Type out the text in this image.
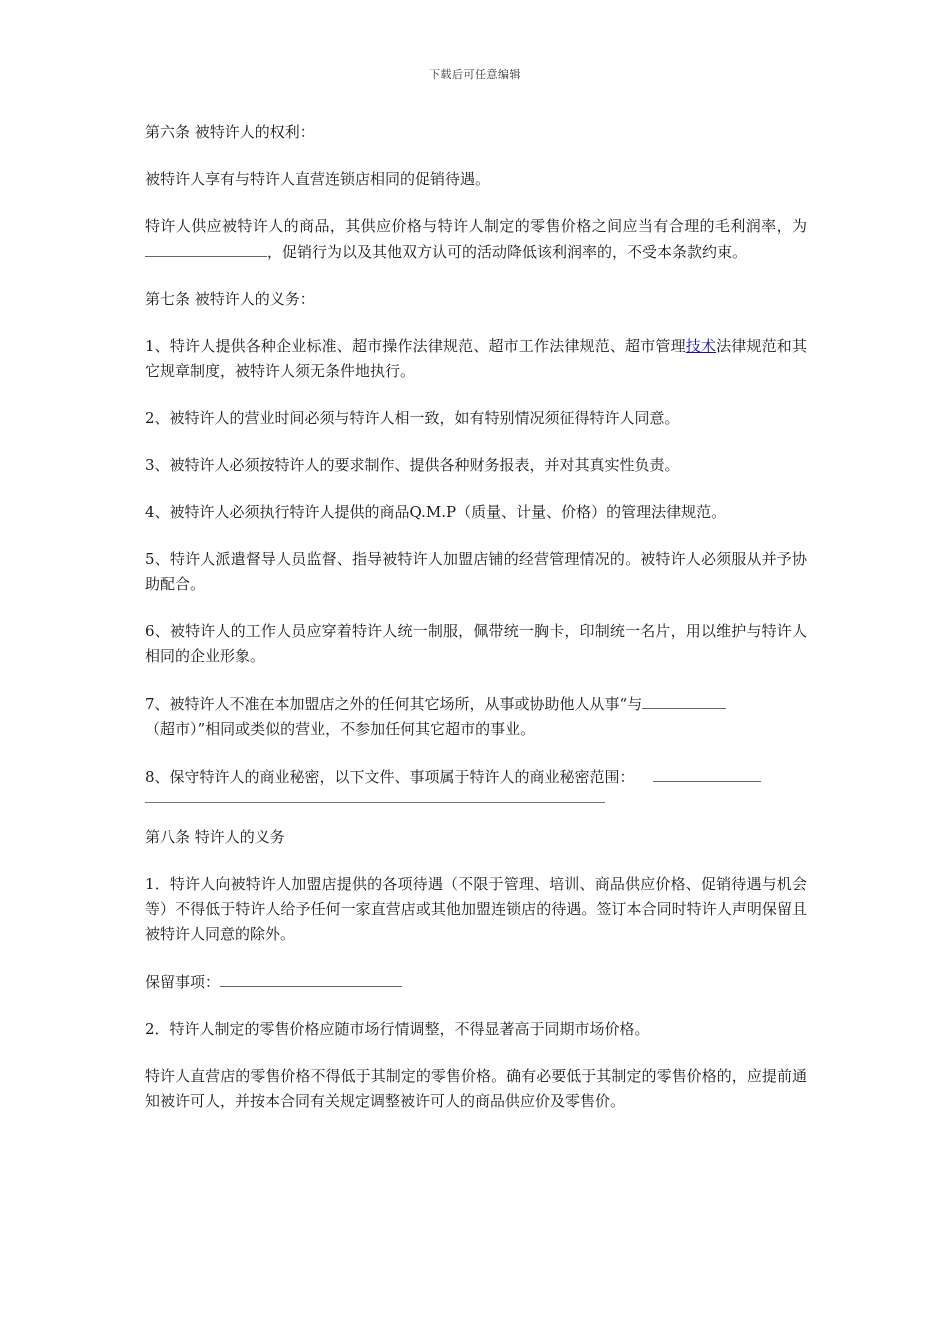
下载后可任意编辑

第六条 被特许人的权利：

被特许人享有与特许人直营连锁店相同的促销待遇。

特许人供应被特许人的商品，其供应价格与特许人制定的零售价格之间应当有合理的毛利润率，为，促销行为以及其他双方认可的活动降低该利润率的，不受本条款约束。

第七条 被特许人的义务：

1、特许人提供各种企业标准、超市操作法律规范、超市工作法律规范、超市管理技术法律规范和其它规章制度，被特许人须无条件地执行。

2、被特许人的营业时间必须与特许人相一致，如有特别情况须征得特许人同意。

3、被特许人必须按特许人的要求制作、提供各种财务报表，并对其真实性负责。

4、被特许人必须执行特许人提供的商品Q.M.P（质量、计量、价格）的管理法律规范。

5、特许人派遣督导人员监督、指导被特许人加盟店铺的经营管理情况的。被特许人必须服从并予协助配合。

6、被特许人的工作人员应穿着特许人统一制服，佩带统一胸卡，印制统一名片，用以维护与特许人相同的企业形象。

7、被特许人不准在本加盟店之外的任何其它场所，从事或协助他人从事“与
（超市）”相同或类似的营业，不参加任何其它超市的事业。

8、保守特许人的商业秘密，以下文件、事项属于特许人的商业秘密范围：

第八条 特许人的义务

1．特许人向被特许人加盟店提供的各项待遇（不限于管理、培训、商品供应价格、促销待遇与机会等）不得低于特许人给予任何一家直营店或其他加盟连锁店的待遇。签订本合同时特许人声明保留且被特许人同意的除外。

保留事项：

2．特许人制定的零售价格应随市场行情调整，不得显著高于同期市场价格。

特许人直营店的零售价格不得低于其制定的零售价格。确有必要低于其制定的零售价格的，应提前通知被许可人，并按本合同有关规定调整被许可人的商品供应价及零售价。
